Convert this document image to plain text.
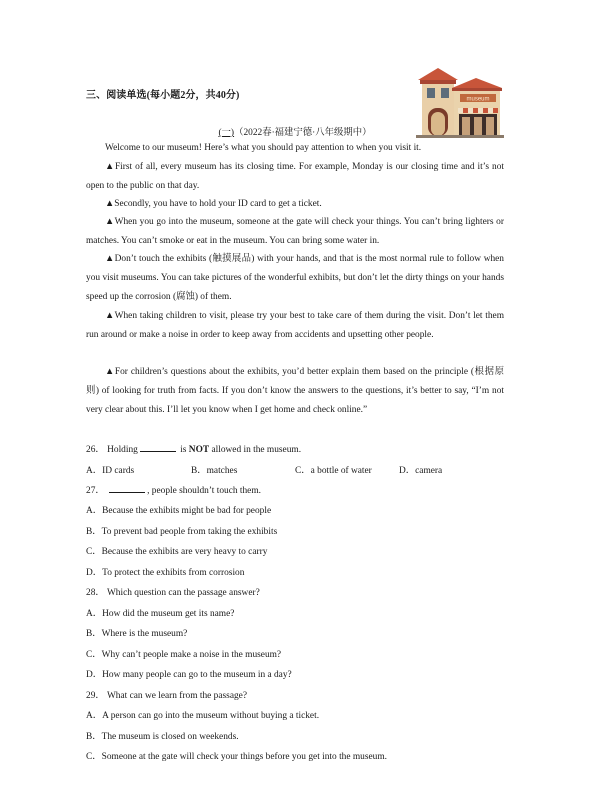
三、阅读单选(每小题2分，共40分)	museum
(一)（2022春·福建宁德·八年级期中）
Welcome to our museum! Here’s what you should pay attention to when you visit it.
▲First of all, every museum has its closing time. For example, Monday is our closing time and it’s not open to the public on that day.
▲Secondly, you have to hold your ID card to get a ticket.
▲When you go into the museum, someone at the gate will check your things. You can’t bring lighters or matches. You can’t smoke or eat in the museum. You can bring some water in.
▲Don’t touch the exhibits (触摸展品) with your hands, and that is the most normal rule to follow when you visit museums. You can take pictures of the wonderful exhibits, but don’t let the dirty things on your hands speed up the corrosion (腐蚀) of them.
▲When taking children to visit, please try your best to take care of them during the visit. Don’t let them run around or make a noise in order to keep away from accidents and upsetting other people.
▲For children’s questions about the exhibits, you’d better explain them based on the principle (根据原则) of looking for truth from facts. If you don’t know the answers to the questions, it’s better to say, “I’m not very clear about this. I’ll let you know when I get home and check online.”
26． Holding	is NOT allowed in the museum.
A．ID cards	B．matches	C．a bottle of water	D．camera
27．	, people shouldn’t touch them.
A．Because the exhibits might be bad for people
B．To prevent bad people from taking the exhibits
C．Because the exhibits are very heavy to carry
D．To protect the exhibits from corrosion
28． Which question can the passage answer?
A．How did the museum get its name?
B．Where is the museum?
C．Why can’t people make a noise in the museum?
D．How many people can go to the museum in a day?
29． What can we learn from the passage?
A．A person can go into the museum without buying a ticket.
B．The museum is closed on weekends.
C．Someone at the gate will check your things before you get into the museum.
